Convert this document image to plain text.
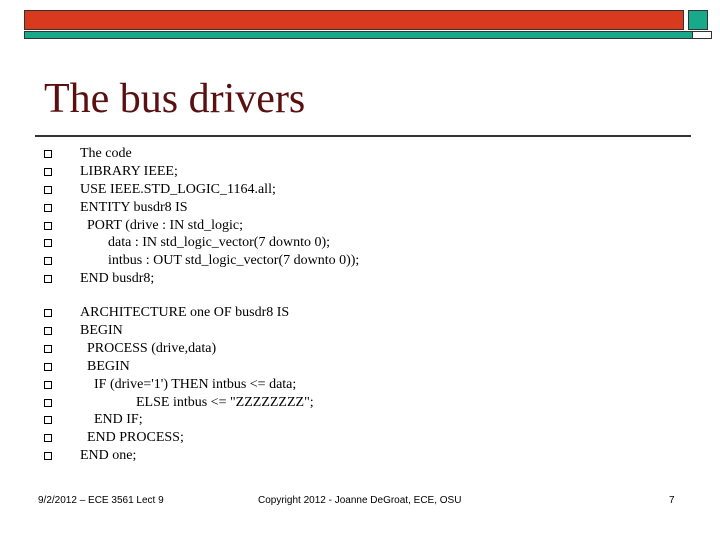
The bus drivers
The code
LIBRARY IEEE;
USE IEEE.STD_LOGIC_1164.all;
ENTITY busdr8 IS
PORT (drive : IN std_logic;
data : IN std_logic_vector(7 downto 0);
intbus : OUT std_logic_vector(7 downto 0));
END busdr8;
ARCHITECTURE one OF busdr8 IS
BEGIN
PROCESS (drive,data)
BEGIN
IF (drive='1') THEN intbus <= data;
ELSE intbus <= "ZZZZZZZZ";
END IF;
END PROCESS;
END one;
9/2/2012 – ECE 3561 Lect 9	Copyright 2012 - Joanne DeGroat, ECE, OSU	7
